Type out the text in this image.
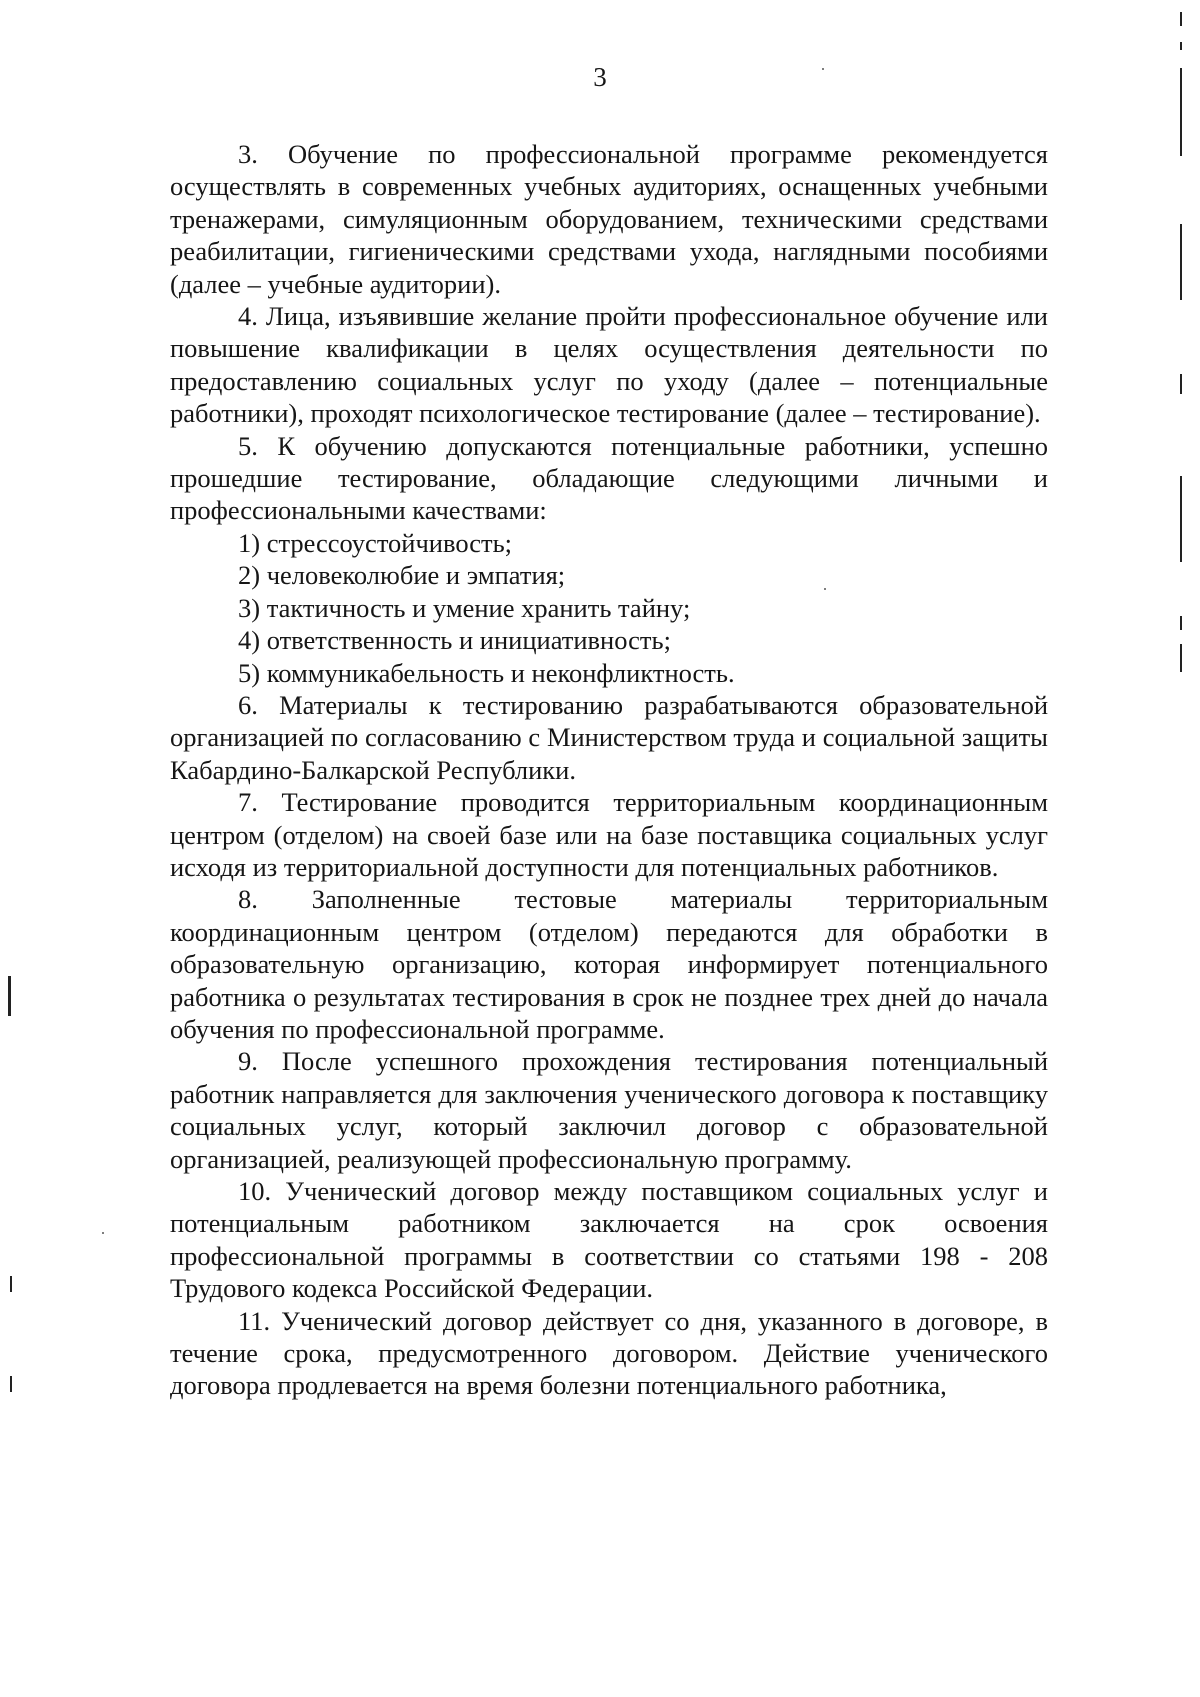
3

3. Обучение по профессиональной программе рекомендуется осуществлять в современных учебных аудиториях, оснащенных учебными тренажерами, симуляционным оборудованием, техническими средствами реабилитации, гигиеническими средствами ухода, наглядными пособиями (далее – учебные аудитории).

4. Лица, изъявившие желание пройти профессиональное обучение или повышение квалификации в целях осуществления деятельности по предоставлению социальных услуг по уходу (далее – потенциальные работники), проходят психологическое тестирование (далее – тестирование).

5. К обучению допускаются потенциальные работники, успешно прошедшие тестирование, обладающие следующими личными и профессиональными качествами:

1) стрессоустойчивость;

2) человеколюбие и эмпатия;

3) тактичность и умение хранить тайну;

4) ответственность и инициативность;

5) коммуникабельность и неконфликтность.

6. Материалы к тестированию разрабатываются образовательной организацией по согласованию с Министерством труда и социальной защиты Кабардино-Балкарской Республики.

7. Тестирование проводится территориальным координационным центром (отделом) на своей базе или на базе поставщика социальных услуг исходя из территориальной доступности для потенциальных работников.

8. Заполненные тестовые материалы территориальным координационным центром (отделом) передаются для обработки в образовательную организацию, которая информирует потенциального работника о результатах тестирования в срок не позднее трех дней до начала обучения по профессиональной программе.

9. После успешного прохождения тестирования потенциальный работник направляется для заключения ученического договора к поставщику социальных услуг, который заключил договор с образовательной организацией, реализующей профессиональную программу.

10. Ученический договор между поставщиком социальных услуг и потенциальным работником заключается на срок освоения профессиональной программы в соответствии со статьями 198 - 208 Трудового кодекса Российской Федерации.

11. Ученический договор действует со дня, указанного в договоре, в течение срока, предусмотренного договором. Действие ученического договора продлевается на время болезни потенциального работника,
